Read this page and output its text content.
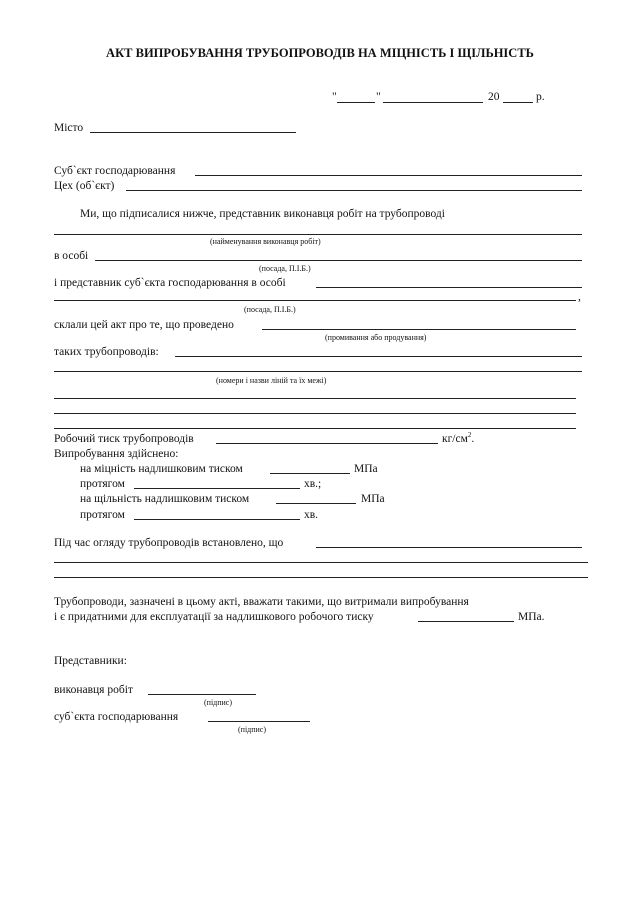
АКТ ВИПРОБУВАННЯ ТРУБОПРОВОДІВ НА МІЦНІСТЬ І ЩІЛЬНІСТЬ
"	"	20	р.
Місто
Суб`єкт господарювання
Цех (об`єкт)
Ми, що підписалися нижче, представник виконавця робіт на трубопроводі
(найменування виконавця робіт)
в особі
(посада, П.І.Б.)
і представник суб`єкта господарювання в особі
,
(посада, П.І.Б.)
склали цей акт про те, що проведено
(промивання або продування)
таких трубопроводів:
(номери і назви ліній та їх межі)
Робочий тиск трубопроводів	$кг/см^2$.
Випробування здійснено:
на міцність надлишковим тиском	МПа
протягом	хв.;
на щільність надлишковим тиском	МПа
протягом	хв.
Під час огляду трубопроводів встановлено, що
Трубопроводи, зазначені в цьому акті, вважати такими, що витримали випробування
і є придатними для експлуатації за надлишкового робочого тиску	МПа.
Представники:
виконавця робіт
(підпис)
суб`єкта господарювання
(підпис)
